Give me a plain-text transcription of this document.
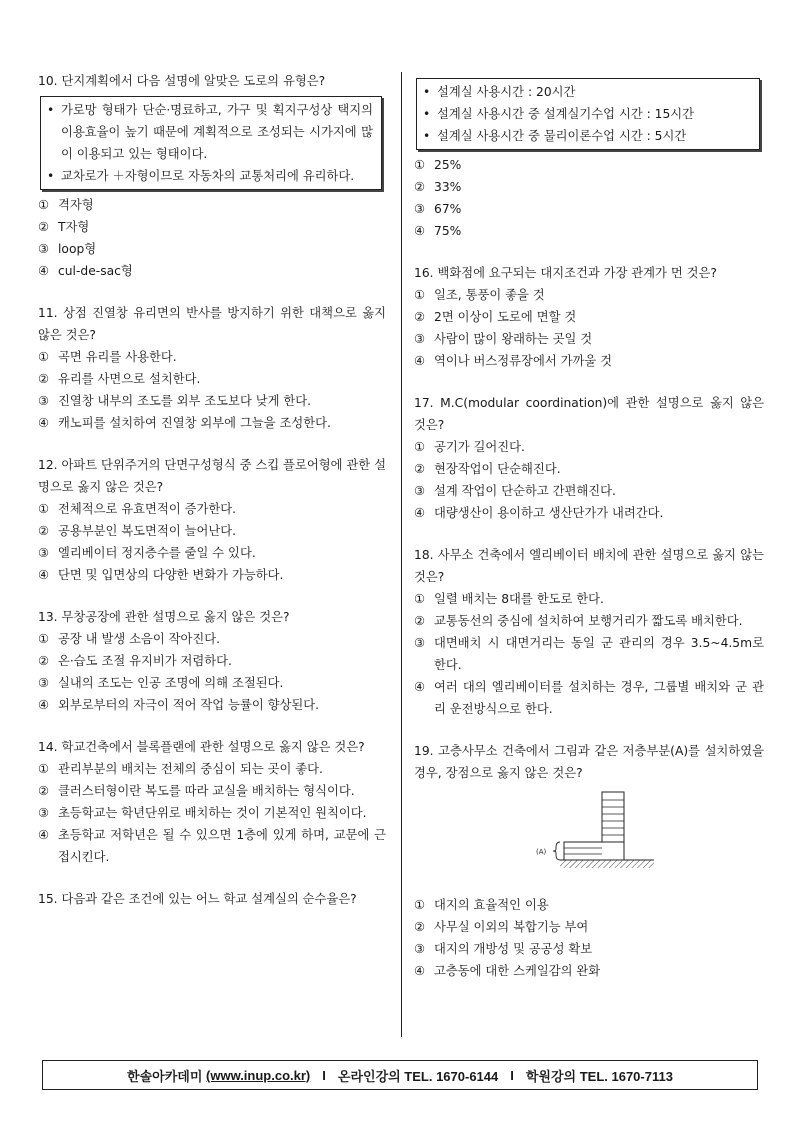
10. 단지계획에서 다음 설명에 알맞은 도로의 유형은?
• 가로망 형태가 단순·명료하고, 가구 및 획지구성상 택지의 이용효율이 높기 때문에 계획적으로 조성되는 시가지에 많이 이용되고 있는 형태이다.
• 교차로가 ＋자형이므로 자동차의 교통처리에 유리하다.
① 격자형
② T자형
③ loop형
④ cul-de-sac형
11. 상점 진열창 유리면의 반사를 방지하기 위한 대책으로 옳지 않은 것은?
① 곡면 유리를 사용한다.
② 유리를 사면으로 설치한다.
③ 진열창 내부의 조도를 외부 조도보다 낮게 한다.
④ 캐노피를 설치하여 진열창 외부에 그늘을 조성한다.
12. 아파트 단위주거의 단면구성형식 중 스킵 플로어형에 관한 설명으로 옳지 않은 것은?
① 전체적으로 유효면적이 증가한다.
② 공용부분인 복도면적이 늘어난다.
③ 엘리베이터 정지층수를 줄일 수 있다.
④ 단면 및 입면상의 다양한 변화가 가능하다.
13. 무창공장에 관한 설명으로 옳지 않은 것은?
① 공장 내 발생 소음이 작아진다.
② 온·습도 조절 유지비가 저렴하다.
③ 실내의 조도는 인공 조명에 의해 조절된다.
④ 외부로부터의 자극이 적어 작업 능률이 향상된다.
14. 학교건축에서 블록플랜에 관한 설명으로 옳지 않은 것은?
① 관리부분의 배치는 전체의 중심이 되는 곳이 좋다.
② 클러스터형이란 복도를 따라 교실을 배치하는 형식이다.
③ 초등학교는 학년단위로 배치하는 것이 기본적인 원칙이다.
④ 초등학교 저학년은 될 수 있으면 1층에 있게 하며, 교문에 근접시킨다.
15. 다음과 같은 조건에 있는 어느 학교 설계실의 순수율은?
• 설계실 사용시간 : 20시간
• 설계실 사용시간 중 설계실기수업 시간 : 15시간
• 설계실 사용시간 중 물리이론수업 시간 : 5시간
① 25%
② 33%
③ 67%
④ 75%
16. 백화점에 요구되는 대지조건과 가장 관계가 먼 것은?
① 일조, 통풍이 좋을 것
② 2면 이상이 도로에 면할 것
③ 사람이 많이 왕래하는 곳일 것
④ 역이나 버스정류장에서 가까울 것
17. M.C(modular coordination)에 관한 설명으로 옳지 않은 것은?
① 공기가 길어진다.
② 현장작업이 단순해진다.
③ 설계 작업이 단순하고 간편해진다.
④ 대량생산이 용이하고 생산단가가 내려간다.
18. 사무소 건축에서 엘리베이터 배치에 관한 설명으로 옳지 않는 것은?
① 일렬 배치는 8대를 한도로 한다.
② 교통동선의 중심에 설치하여 보행거리가 짧도록 배치한다.
③ 대면배치 시 대면거리는 동일 군 관리의 경우 3.5~4.5m로 한다.
④ 여러 대의 엘리베이터를 설치하는 경우, 그룹별 배치와 군 관리 운전방식으로 한다.
19. 고층사무소 건축에서 그림과 같은 저층부분(A)를 설치하였을 경우, 장점으로 옳지 않은 것은?
(A)
① 대지의 효율적인 이용
② 사무실 이외의 복합기능 부여
③ 대지의 개방성 및 공공성 확보
④ 고층동에 대한 스케일감의 완화
한솔아카데미
(www.inup.co.kr) I 온라인강의 TEL. 1670-6144 I 학원강의 TEL. 1670-7113
